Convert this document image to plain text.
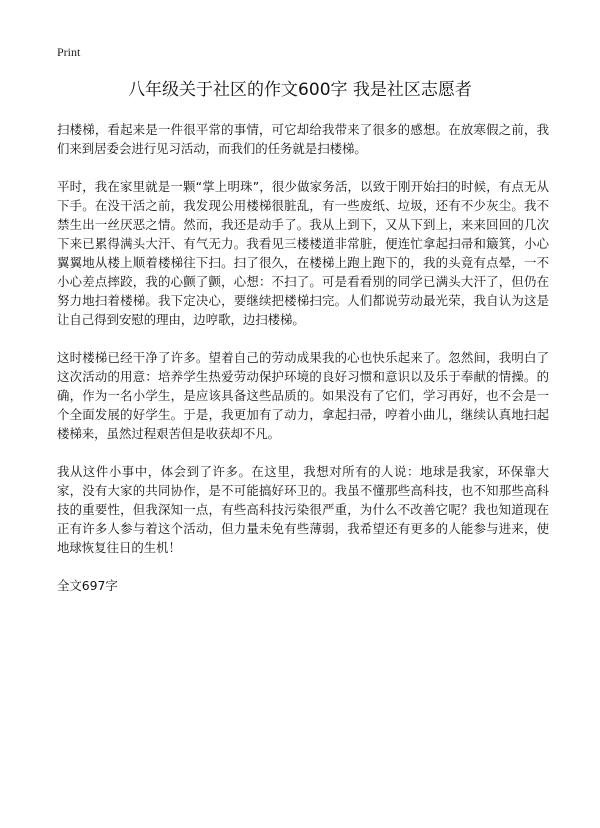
Print
八年级关于社区的作文600字 我是社区志愿者

扫楼梯，看起来是一件很平常的事情，可它却给我带来了很多的感想。在放寒假之前，我们来到居委会进行见习活动，而我们的任务就是扫楼梯。

平时，我在家里就是一颗“掌上明珠”，很少做家务活，以致于刚开始扫的时候，有点无从下手。在没干活之前，我发现公用楼梯很脏乱，有一些废纸、垃圾，还有不少灰尘。我不禁生出一丝厌恶之情。然而，我还是动手了。我从上到下，又从下到上，来来回回的几次下来已累得满头大汗、有气无力。我看见三楼楼道非常脏，便连忙拿起扫帚和簸箕，小心翼翼地从楼上顺着楼梯往下扫。扫了很久，在楼梯上跑上跑下的，我的头竟有点晕，一不小心差点摔跤，我的心颤了颤，心想：不扫了。可是看看别的同学已满头大汗了，但仍在努力地扫着楼梯。我下定决心，要继续把楼梯扫完。人们都说劳动最光荣，我自认为这是让自己得到安慰的理由，边哼歌，边扫楼梯。

这时楼梯已经干净了许多。望着自己的劳动成果我的心也快乐起来了。忽然间，我明白了这次活动的用意：培养学生热爱劳动保护环境的良好习惯和意识以及乐于奉献的情操。的确，作为一名小学生，是应该具备这些品质的。如果没有了它们，学习再好，也不会是一个全面发展的好学生。于是，我更加有了动力，拿起扫帚，哼着小曲儿，继续认真地扫起楼梯来，虽然过程艰苦但是收获却不凡。

我从这件小事中，体会到了许多。在这里，我想对所有的人说：地球是我家，环保靠大家，没有大家的共同协作，是不可能搞好环卫的。我虽不懂那些高科技，也不知那些高科技的重要性，但我深知一点，有些高科技污染很严重，为什么不改善它呢？我也知道现在正有许多人参与着这个活动，但力量未免有些薄弱，我希望还有更多的人能参与进来，使地球恢复往日的生机！

全文697字
